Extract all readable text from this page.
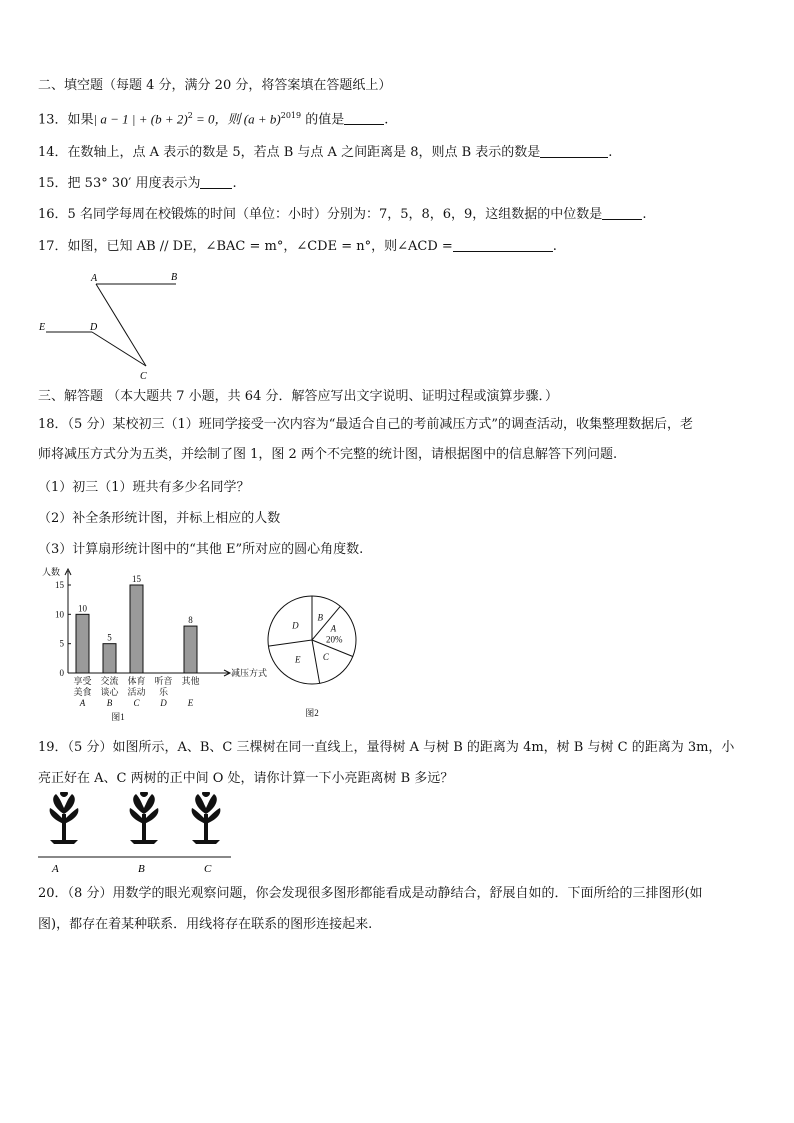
二、填空题（每题 4 分，满分 20 分，将答案填在答题纸上）
13．如果| a − 1 | + $(b + 2)^2 = 0$，则 $(a + b)^{2019}$ 的值是	.
14．在数轴上，点 A 表示的数是 5，若点 B 与点 A 之间距离是 8，则点 B 表示的数是	.
15．把 53° 30′ 用度表示为 .
16．5 名同学每周在校锻炼的时间（单位：小时）分别为：7，5，8，6，9，这组数据的中位数是	.
17．如图，已知 AB // DE，∠BAC = m°，∠CDE = n°，则∠ACD =	.
A	B
E	D
C
三、解答题 （本大题共 7 小题，共 64 分．解答应写出文字说明、证明过程或演算步骤．）
18．（5 分）某校初三（1）班同学接受一次内容为“最适合自己的考前减压方式”的调查活动，收集整理数据后，老
师将减压方式分为五类，并绘制了图 1，图 2 两个不完整的统计图，请根据图中的信息解答下列问题.
（1）初三（1）班共有多少名同学？
（2）补全条形统计图，并标上相应的人数
（3）计算扇形统计图中的“其他 E”所对应的圆心角度数.
人数
减压方式
15
10
5
0
10
享受
美食
A
5
交流
谈心
B
15
体育
活动
C
听音
乐
D
8
其他
E
图1
B
A
C
E
D
20%
图2
19．（5 分）如图所示，A、B、C 三棵树在同一直线上，量得树 A 与树 B 的距离为 4m，树 B 与树 C 的距离为 3m，小
亮正好在 A、C 两树的正中间 O 处，请你计算一下小亮距离树 B 多远？
A	B	C
20．（8 分）用数学的眼光观察问题，你会发现很多图形都能看成是动静结合，舒展自如的．下面所给的三排图形(如
图)，都存在着某种联系．用线将存在联系的图形连接起来.
